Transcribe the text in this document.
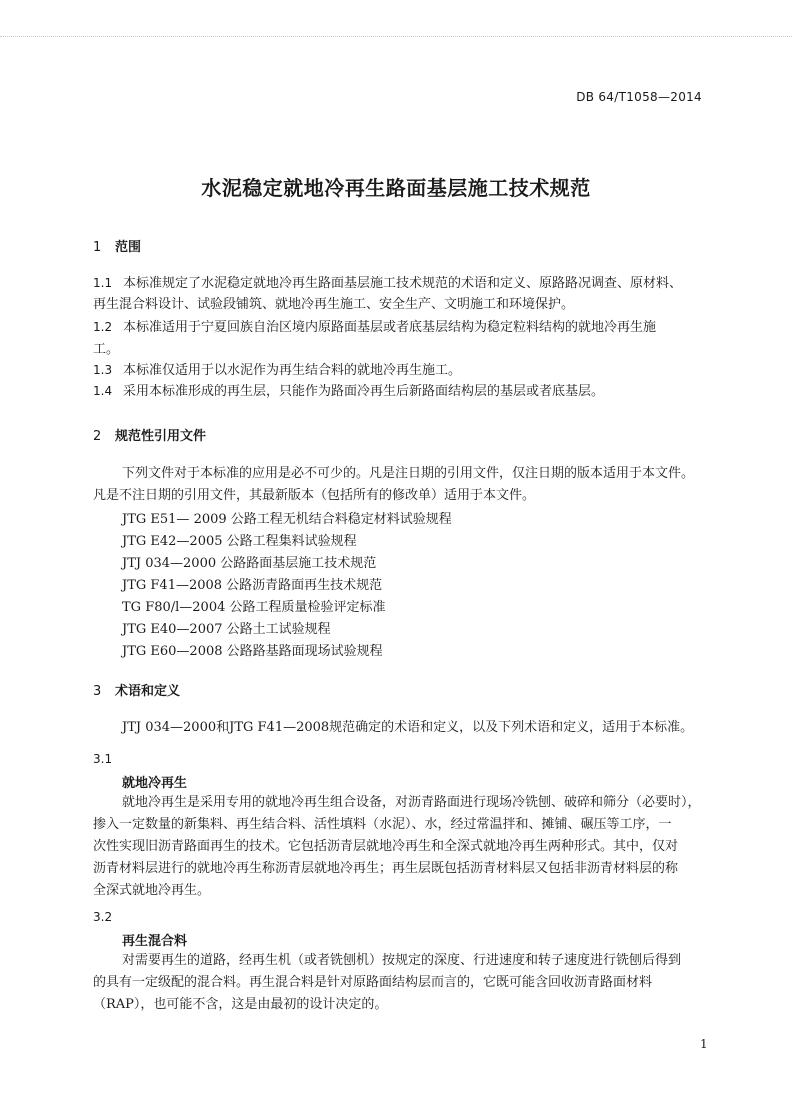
DB 64/T1058—2014
水泥稳定就地冷再生路面基层施工技术规范
1 范围
1.1 本标准规定了水泥稳定就地冷再生路面基层施工技术规范的术语和定义、原路路况调查、原材料、
再生混合料设计、试验段铺筑、就地冷再生施工、安全生产、文明施工和环境保护。
1.2 本标准适用于宁夏回族自治区境内原路面基层或者底基层结构为稳定粒料结构的就地冷再生施
工。
1.3 本标准仅适用于以水泥作为再生结合料的就地冷再生施工。
1.4 采用本标准形成的再生层，只能作为路面冷再生后新路面结构层的基层或者底基层。
2 规范性引用文件
下列文件对于本标准的应用是必不可少的。凡是注日期的引用文件，仅注日期的版本适用于本文件。
凡是不注日期的引用文件，其最新版本（包括所有的修改单）适用于本文件。
JTG E51— 2009 公路工程无机结合料稳定材料试验规程
JTG E42—2005 公路工程集料试验规程
JTJ 034—2000 公路路面基层施工技术规范
JTG F41—2008 公路沥青路面再生技术规范
TG F80/l—2004 公路工程质量检验评定标准
JTG E40—2007 公路土工试验规程
JTG E60—2008 公路路基路面现场试验规程
3 术语和定义
JTJ 034—2000和JTG F41—2008规范确定的术语和定义，以及下列术语和定义，适用于本标准。
3.1
就地冷再生
就地冷再生是采用专用的就地冷再生组合设备，对沥青路面进行现场冷铣刨、破碎和筛分（必要时），
掺入一定数量的新集料、再生结合料、活性填料（水泥）、水，经过常温拌和、摊铺、碾压等工序，一
次性实现旧沥青路面再生的技术。它包括沥青层就地冷再生和全深式就地冷再生两种形式。其中，仅对
沥青材料层进行的就地冷再生称沥青层就地冷再生；再生层既包括沥青材料层又包括非沥青材料层的称
全深式就地冷再生。
3.2
再生混合料
对需要再生的道路，经再生机（或者铣刨机）按规定的深度、行进速度和转子速度进行铣刨后得到
的具有一定级配的混合料。再生混合料是针对原路面结构层而言的，它既可能含回收沥青路面材料
（RAP），也可能不含，这是由最初的设计决定的。
1
